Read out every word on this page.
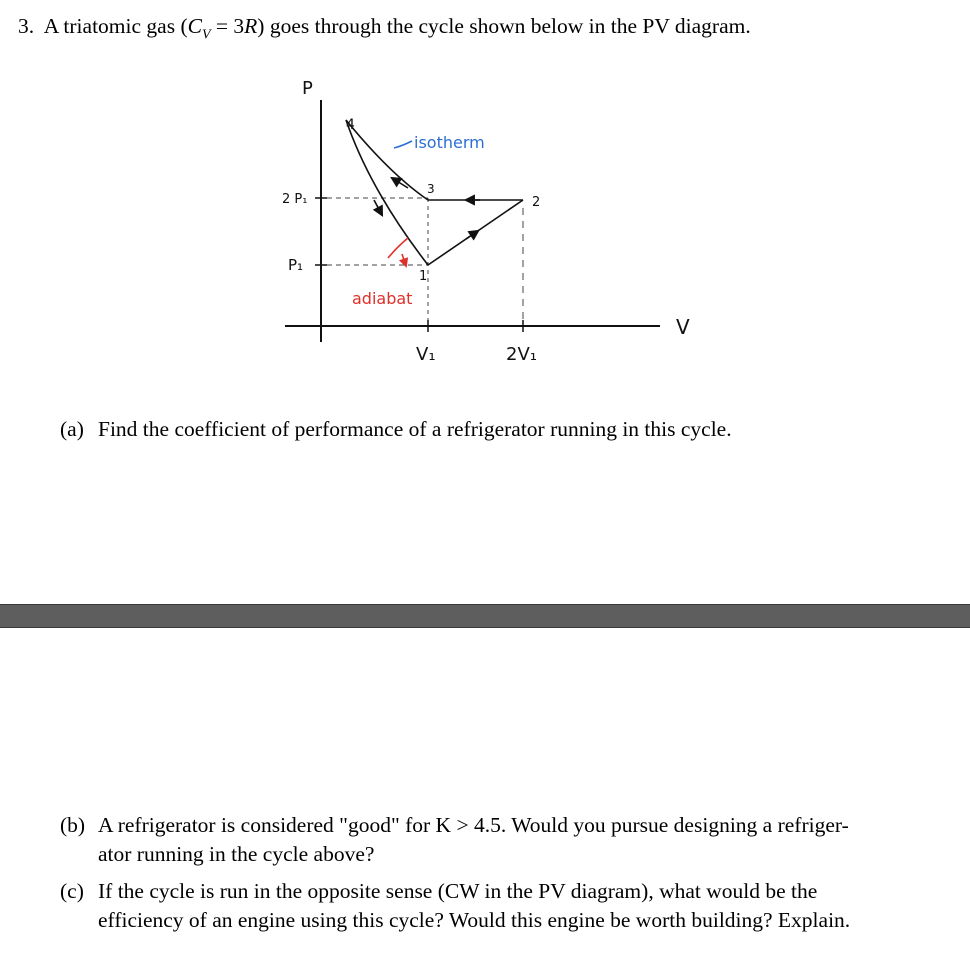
3. A triatomic gas $(C_V = 3R)$ goes through the cycle shown below in the PV diagram.
P
V
2 P₁
P₁
V₁	2V₁
1
2
3
4
isotherm
adiabat
(a) Find the coefficient of performance of a refrigerator running in this cycle.
(b) A refrigerator is considered "good" for K > 4.5. Would you pursue designing a refriger-
ator running in the cycle above?
(c) If the cycle is run in the opposite sense (CW in the PV diagram), what would be the
efficiency of an engine using this cycle? Would this engine be worth building? Explain.
